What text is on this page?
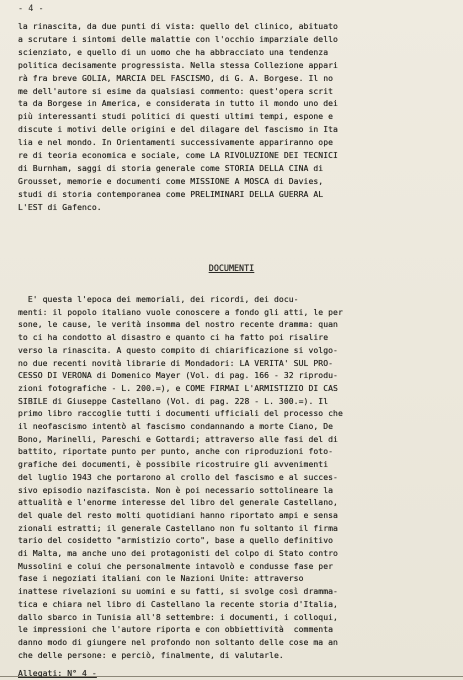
- 4 -
la rinascita, da due punti di vista: quello del clinico, abituato
a scrutare i sintomi delle malattie con l'occhio imparziale dello
scienziato, e quello di un uomo che ha abbracciato una tendenza
politica decisamente progressista. Nella stessa Collezione appari
rà fra breve GOLIA, MARCIA DEL FASCISMO, di G. A. Borgese. Il no
me dell'autore si esime da qualsiasi commento: quest'opera scrit
ta da Borgese in America, e considerata in tutto il mondo uno dei
più interessanti studi politici di questi ultimi tempi, espone e
discute i motivi delle origini e del dilagare del fascismo in Ita
lia e nel mondo. In Orientamenti successivamente appariranno ope
re di teoria economica e sociale, come LA RIVOLUZIONE DEI TECNICI
di Burnham, saggi di storia generale come STORIA DELLA CINA di
Grousset, memorie e documenti come MISSIONE A MOSCA di Davies,
studi di storia contemporanea come PRELIMINARI DELLA GUERRA AL
L'EST di Gafenco.
DOCUMENTI
E' questa l'epoca dei memoriali, dei ricordi, dei docu-
menti: il popolo italiano vuole conoscere a fondo gli atti, le per
sone, le cause, le verità insomma del nostro recente dramma: quan
to ci ha condotto al disastro e quanto ci ha fatto poi risalire
verso la rinascita. A questo compito di chiarificazione si volgo-
no due recenti novità librarie di Mondadori: LA VERITA' SUL PRO-
CESSO DI VERONA di Domenico Mayer (Vol. di pag. 166 - 32 riprodu-
zioni fotografiche - L. 200.=), e COME FIRMAI L'ARMISTIZIO DI CAS
SIBILE di Giuseppe Castellano (Vol. di pag. 228 - L. 300.=). Il
primo libro raccoglie tutti i documenti ufficiali del processo che
il neofascismo intentò al fascismo condannando a morte Ciano, De
Bono, Marinelli, Pareschi e Gottardi; attraverso alle fasi del di
battito, riportate punto per punto, anche con riproduzioni foto-
grafiche dei documenti, è possibile ricostruire gli avvenimenti
del luglio 1943 che portarono al crollo del fascismo e al succes-
sivo episodio nazifascista. Non è poi necessario sottolineare la
attualità e l'enorme interesse del libro del generale Castellano,
del quale del resto molti quotidiani hanno riportato ampi e sensa
zionali estratti; il generale Castellano non fu soltanto il firma
tario del cosidetto "armistizio corto", base a quello definitivo
di Malta, ma anche uno dei protagonisti del colpo di Stato contro
Mussolini e colui che personalmente intavolò e condusse fase per
fase i negoziati italiani con le Nazioni Unite: attraverso
inattese rivelazioni su uomini e su fatti, si svolge così dramma-
tica e chiara nel libro di Castellano la recente storia d'Italia,
dallo sbarco in Tunisia all'8 settembre: i documenti, i colloqui,
le impressioni che l'autore riporta e con obbiettività  commenta
danno modo di giungere nel profondo non soltanto delle cose ma an
che delle persone: e perciò, finalmente, di valutarle.
Allegati: N° 4 -
